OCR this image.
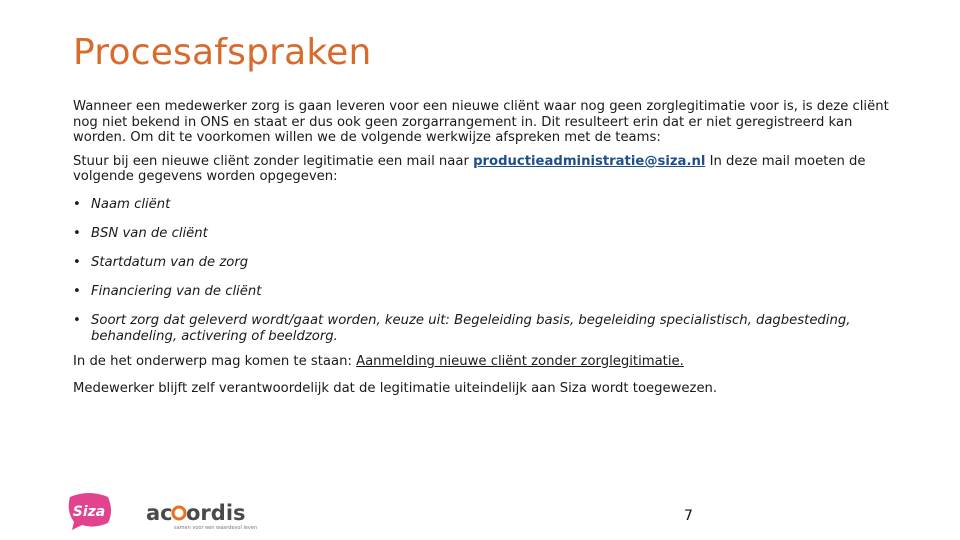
Procesafspraken

Wanneer een medewerker zorg is gaan leveren voor een nieuwe cliënt waar nog geen zorglegitimatie voor is, is deze cliënt nog niet bekend in ONS en staat er dus ook geen zorgarrangement in. Dit resulteert erin dat er niet geregistreerd kan worden. Om dit te voorkomen willen we de volgende werkwijze afspreken met de teams:

Stuur bij een nieuwe cliënt zonder legitimatie een mail naar productieadministratie@siza.nl In deze mail moeten de volgende gegevens worden opgegeven:

• Naam cliënt
• BSN van de cliënt
• Startdatum van de zorg
• Financiering van de cliënt
• Soort zorg dat geleverd wordt/gaat worden, keuze uit: Begeleiding basis, begeleiding specialistisch, dagbesteding, behandeling, activering of beeldzorg.

In de het onderwerp mag komen te staan: Aanmelding nieuwe cliënt zonder zorglegitimatie.

Medewerker blijft zelf verantwoordelijk dat de legitimatie uiteindelijk aan Siza wordt toegewezen.

Siza ac ordis
samen voor een waardevol leven
7
